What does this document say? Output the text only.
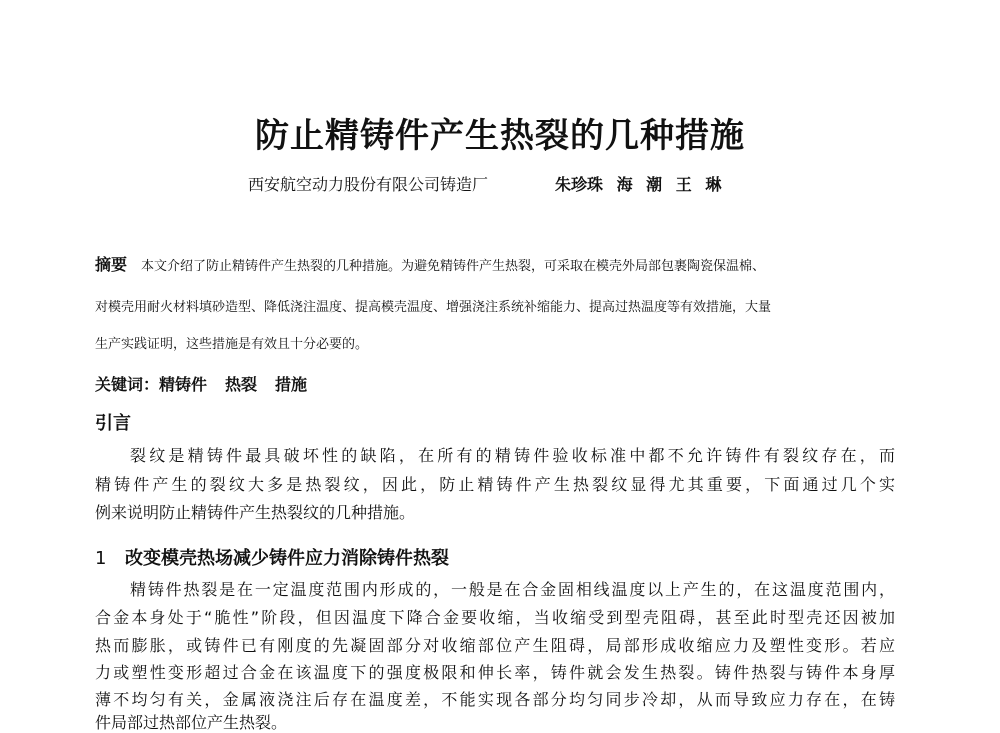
防止精铸件产生热裂的几种措施
西安航空动力股份有限公司铸造厂	朱珍珠 海 潮 王 琳
摘要 本文介绍了防止精铸件产生热裂的几种措施。为避免精铸件产生热裂，可采取在模壳外局部包裹陶瓷保温棉、
对模壳用耐火材料填砂造型、降低浇注温度、提高模壳温度、增强浇注系统补缩能力、提高过热温度等有效措施，大量
生产实践证明，这些措施是有效且十分必要的。
关键词：精铸件 热裂 措施
引言
裂纹是精铸件最具破坏性的缺陷，在所有的精铸件验收标准中都不允许铸件有裂纹存在，而
精铸件产生的裂纹大多是热裂纹，因此，防止精铸件产生热裂纹显得尤其重要，下面通过几个实
例来说明防止精铸件产生热裂纹的几种措施。
1 改变模壳热场减少铸件应力消除铸件热裂
精铸件热裂是在一定温度范围内形成的，一般是在合金固相线温度以上产生的，在这温度范围内，
合金本身处于“脆性”阶段，但因温度下降合金要收缩，当收缩受到型壳阻碍，甚至此时型壳还因被加
热而膨胀，或铸件已有刚度的先凝固部分对收缩部位产生阻碍，局部形成收缩应力及塑性变形。若应
力或塑性变形超过合金在该温度下的强度极限和伸长率，铸件就会发生热裂。铸件热裂与铸件本身厚
薄不均匀有关，金属液浇注后存在温度差，不能实现各部分均匀同步冷却，从而导致应力存在，在铸
件局部过热部位产生热裂。
